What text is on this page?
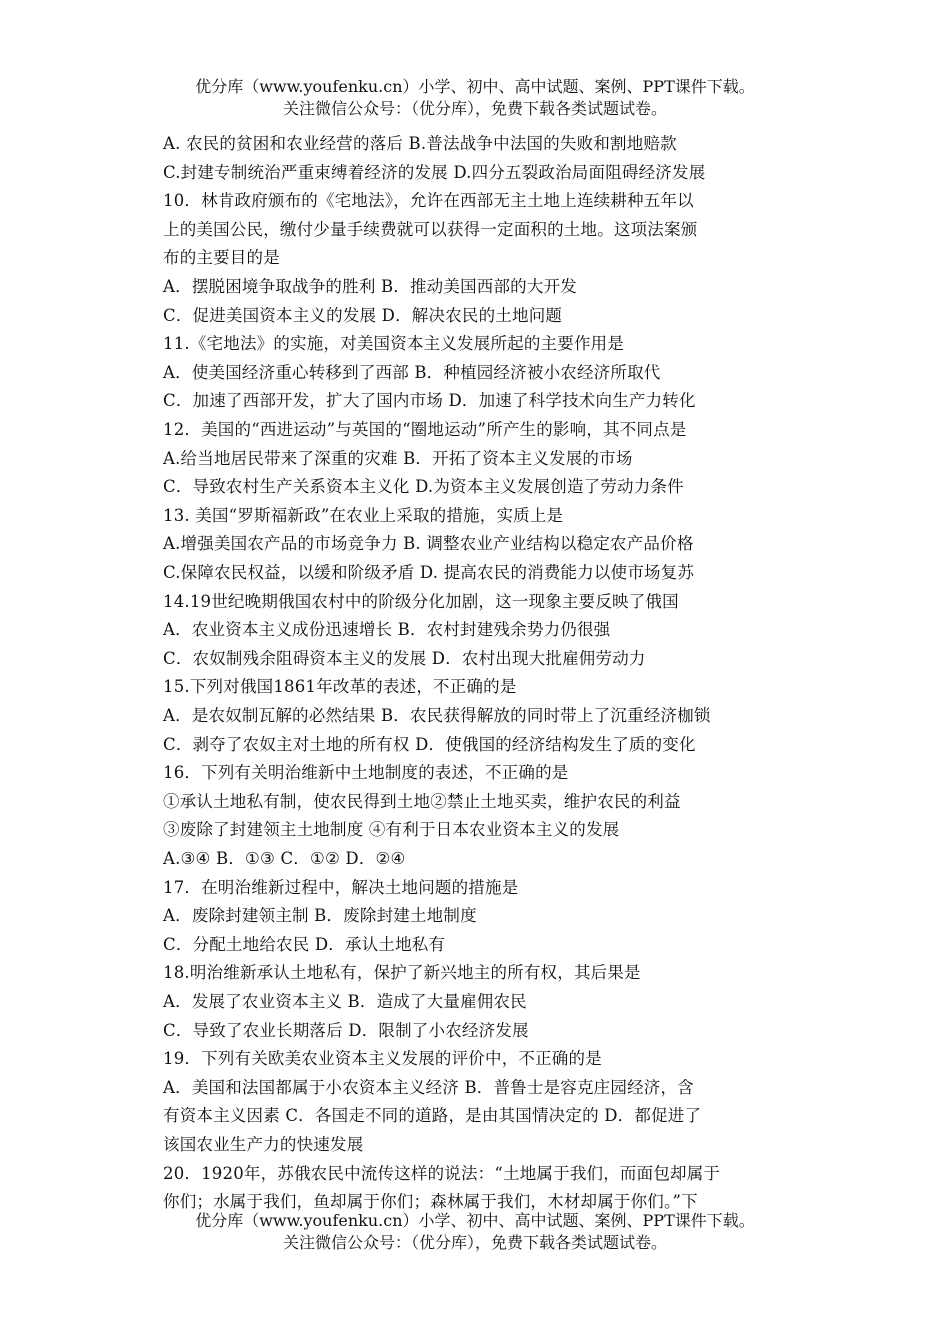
优分库（www.youfenku.cn）小学、初中、高中试题、案例、PPT课件下载。
关注微信公众号：（优分库），免费下载各类试题试卷。
A. 农民的贫困和农业经营的落后 B.普法战争中法国的失败和割地赔款
C.封建专制统治严重束缚着经济的发展 D.四分五裂政治局面阻碍经济发展
10．林肯政府颁布的《宅地法》，允许在西部无主土地上连续耕种五年以
上的美国公民，缴付少量手续费就可以获得一定面积的土地。这项法案颁
布的主要目的是
A．摆脱困境争取战争的胜利 B．推动美国西部的大开发
C．促进美国资本主义的发展 D．解决农民的土地问题
11.《宅地法》的实施，对美国资本主义发展所起的主要作用是
A．使美国经济重心转移到了西部 B．种植园经济被小农经济所取代
C．加速了西部开发，扩大了国内市场 D．加速了科学技术向生产力转化
12．美国的“西进运动”与英国的“圈地运动”所产生的影响，其不同点是
A.给当地居民带来了深重的灾难 B．开拓了资本主义发展的市场
C．导致农村生产关系资本主义化 D.为资本主义发展创造了劳动力条件
13. 美国“罗斯福新政”在农业上采取的措施，实质上是
A.增强美国农产品的市场竞争力 B. 调整农业产业结构以稳定农产品价格
C.保障农民权益，以缓和阶级矛盾 D. 提高农民的消费能力以使市场复苏
14.19世纪晚期俄国农村中的阶级分化加剧，这一现象主要反映了俄国
A．农业资本主义成份迅速增长 B．农村封建残余势力仍很强
C．农奴制残余阻碍资本主义的发展 D．农村出现大批雇佣劳动力
15.下列对俄国1861年改革的表述，不正确的是
A．是农奴制瓦解的必然结果 B．农民获得解放的同时带上了沉重经济枷锁
C．剥夺了农奴主对土地的所有权 D．使俄国的经济结构发生了质的变化
16．下列有关明治维新中土地制度的表述，不正确的是
①承认土地私有制，使农民得到土地②禁止土地买卖，维护农民的利益
③废除了封建领主土地制度 ④有利于日本农业资本主义的发展
A.③④ B．①③ C．①② D．②④
17．在明治维新过程中，解决土地问题的措施是
A．废除封建领主制 B．废除封建土地制度
C．分配土地给农民 D．承认土地私有
18.明治维新承认土地私有，保护了新兴地主的所有权，其后果是
A．发展了农业资本主义 B．造成了大量雇佣农民
C．导致了农业长期落后 D．限制了小农经济发展
19．下列有关欧美农业资本主义发展的评价中，不正确的是
A．美国和法国都属于小农资本主义经济 B．普鲁士是容克庄园经济，含
有资本主义因素 C．各国走不同的道路，是由其国情决定的 D．都促进了
该国农业生产力的快速发展
20．1920年，苏俄农民中流传这样的说法：“土地属于我们，而面包却属于
你们；水属于我们，鱼却属于你们；森林属于我们，木材却属于你们。”下
优分库（www.youfenku.cn）小学、初中、高中试题、案例、PPT课件下载。
关注微信公众号：（优分库），免费下载各类试题试卷。
